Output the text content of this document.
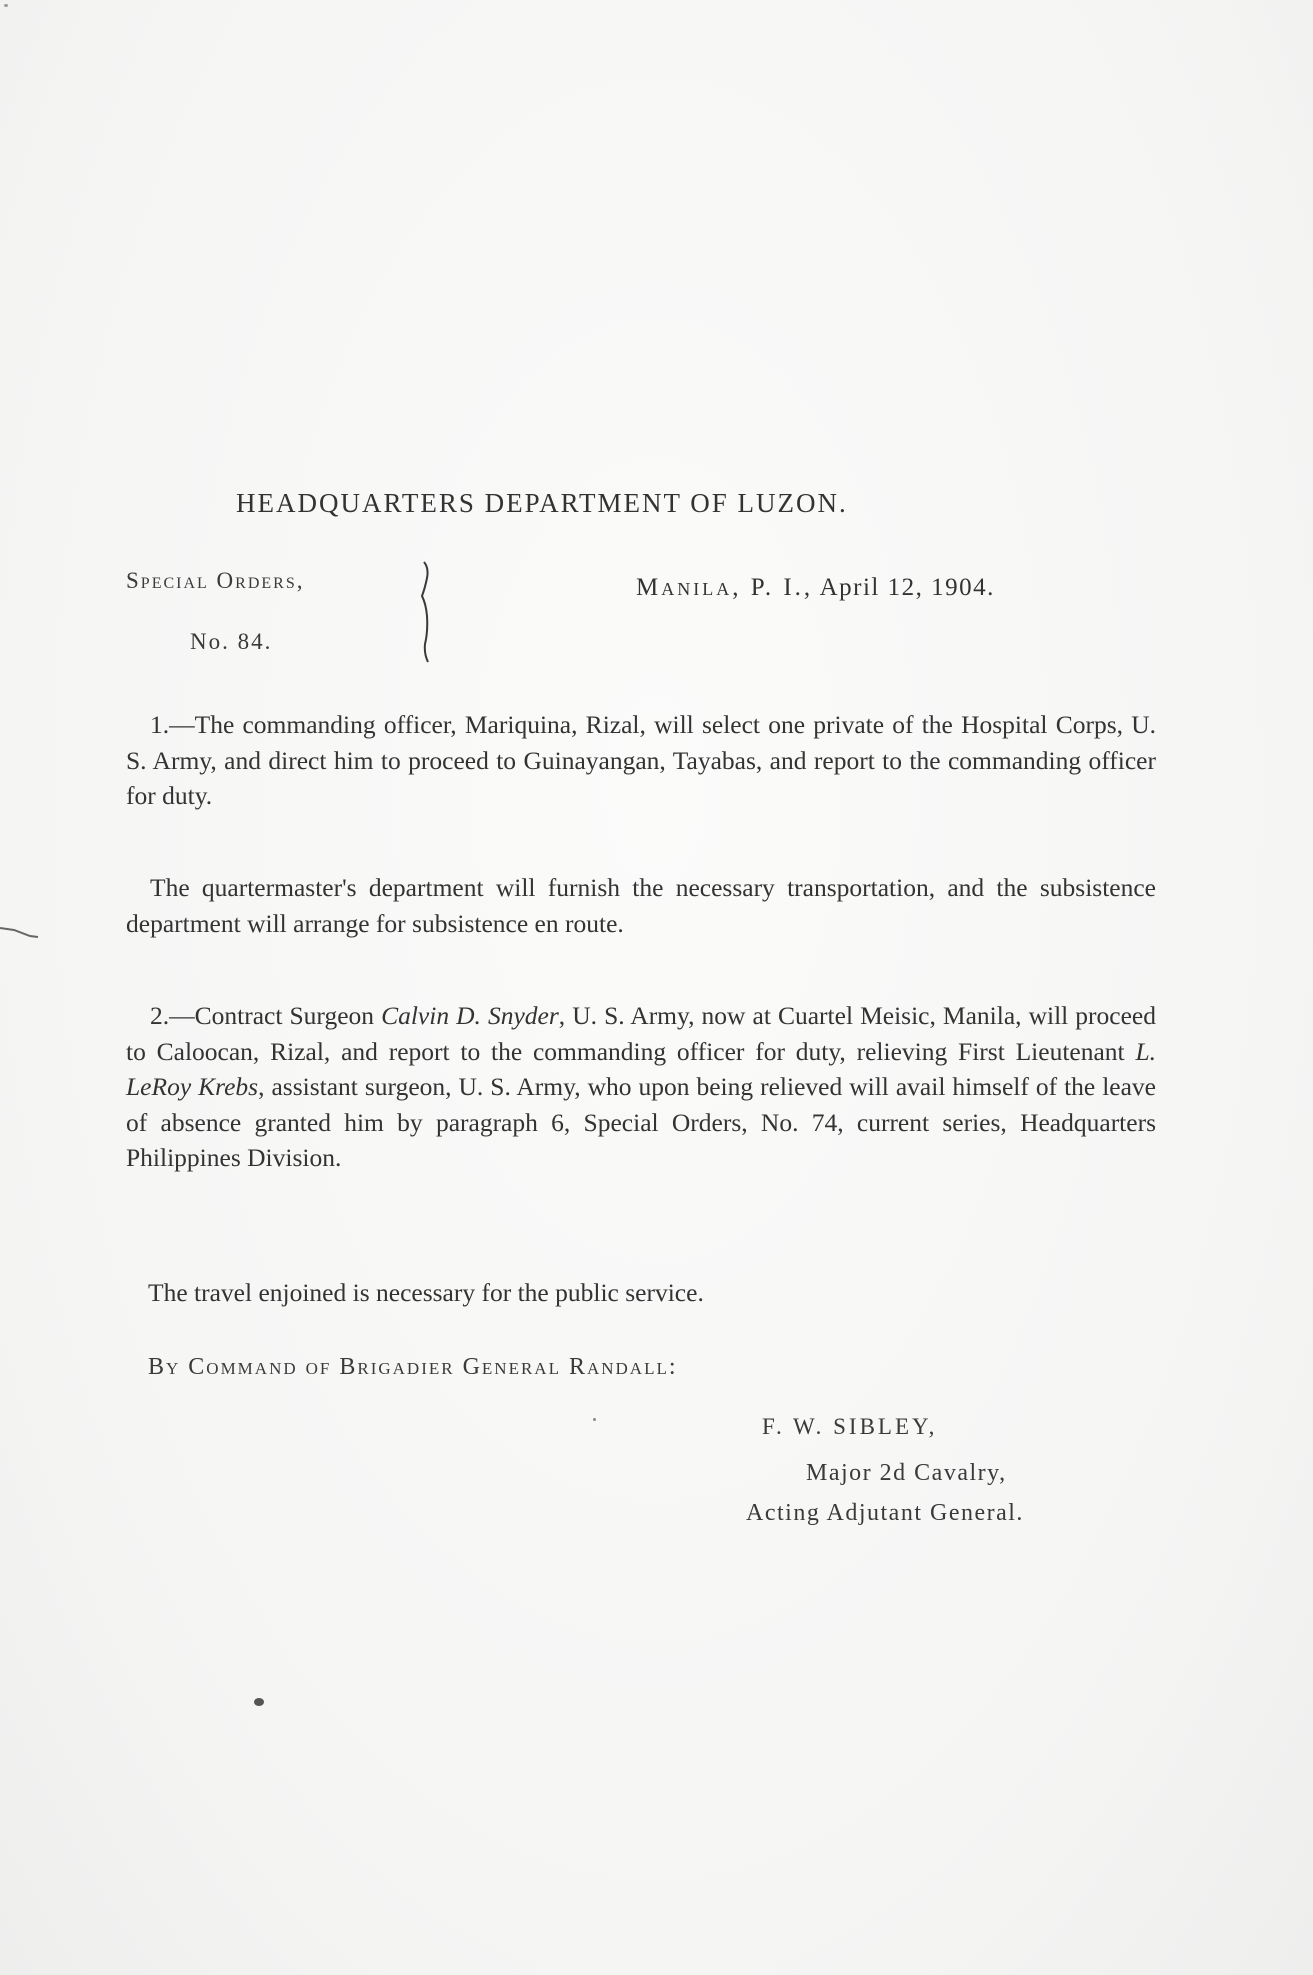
HEADQUARTERS DEPARTMENT OF LUZON.
Special Orders,
No. 84.
Manila, P. I., April 12, 1904.
1.—The commanding officer, Mariquina, Rizal, will select one private of the Hospital Corps, U. S. Army, and direct him to proceed to Guinayangan, Tayabas, and report to the commanding officer for duty.
The quartermaster's department will furnish the necessary transportation, and the subsistence department will arrange for subsistence en route.
2.—Contract Surgeon Calvin D. Snyder, U. S. Army, now at Cuartel Meisic, Manila, will proceed to Caloocan, Rizal, and report to the commanding officer for duty, relieving First Lieutenant L. LeRoy Krebs, assistant surgeon, U. S. Army, who upon being relieved will avail himself of the leave of absence granted him by paragraph 6, Special Orders, No. 74, current series, Headquarters Philippines Division.
The travel enjoined is necessary for the public service.
By Command of Brigadier General Randall:
F. W. SIBLEY,
Major 2d Cavalry,
Acting Adjutant General.
